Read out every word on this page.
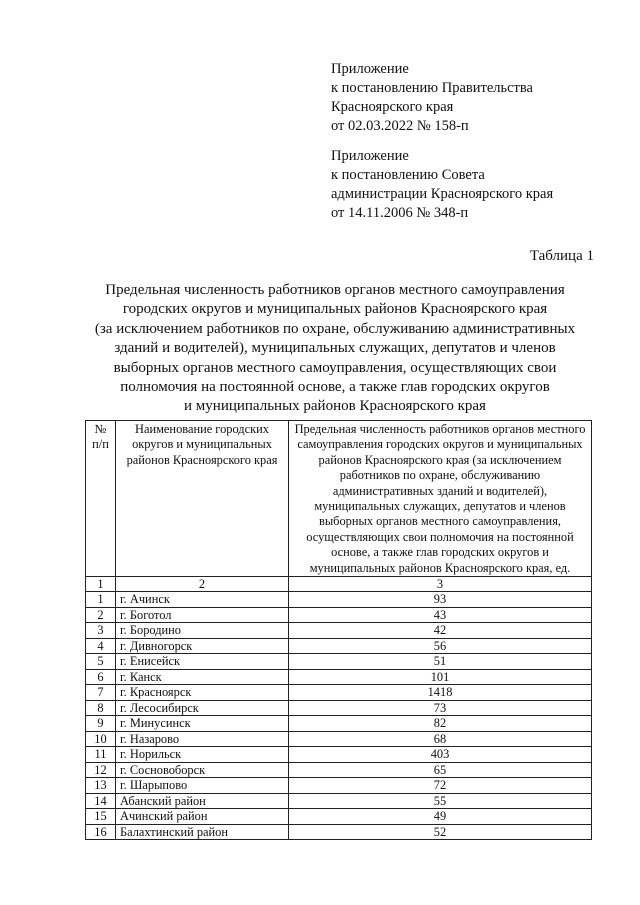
Приложение
к постановлению Правительства
Красноярского края
от 02.03.2022 № 158-п
Приложение
к постановлению Совета
администрации Красноярского края
от 14.11.2006 № 348-п
Таблица 1
Предельная численность работников органов местного самоуправления
городских округов и муниципальных районов Красноярского края
(за исключением работников по охране, обслуживанию административных
зданий и водителей), муниципальных служащих, депутатов и членов
выборных органов местного самоуправления, осуществляющих свои
полномочия на постоянной основе, а также глав городских округов
и муниципальных районов Красноярского края
№ п/п	Наименование городских округов и муниципальных районов Красноярского края	Предельная численность работников органов местного самоуправления городских округов и муниципальных районов Красноярского края (за исключением работников по охране, обслуживанию административных зданий и водителей), муниципальных служащих, депутатов и членов выборных органов местного самоуправления, осуществляющих свои полномочия на постоянной основе, а также глав городских округов и муниципальных районов Красноярского края, ед.
1	2	3
1	г. Ачинск	93
2	г. Боготол	43
3	г. Бородино	42
4	г. Дивногорск	56
5	г. Енисейск	51
6	г. Канск	101
7	г. Красноярск	1418
8	г. Лесосибирск	73
9	г. Минусинск	82
10	г. Назарово	68
11	г. Норильск	403
12	г. Сосновоборск	65
13	г. Шарыпово	72
14	Абанский район	55
15	Ачинский район	49
16	Балахтинский район	52
